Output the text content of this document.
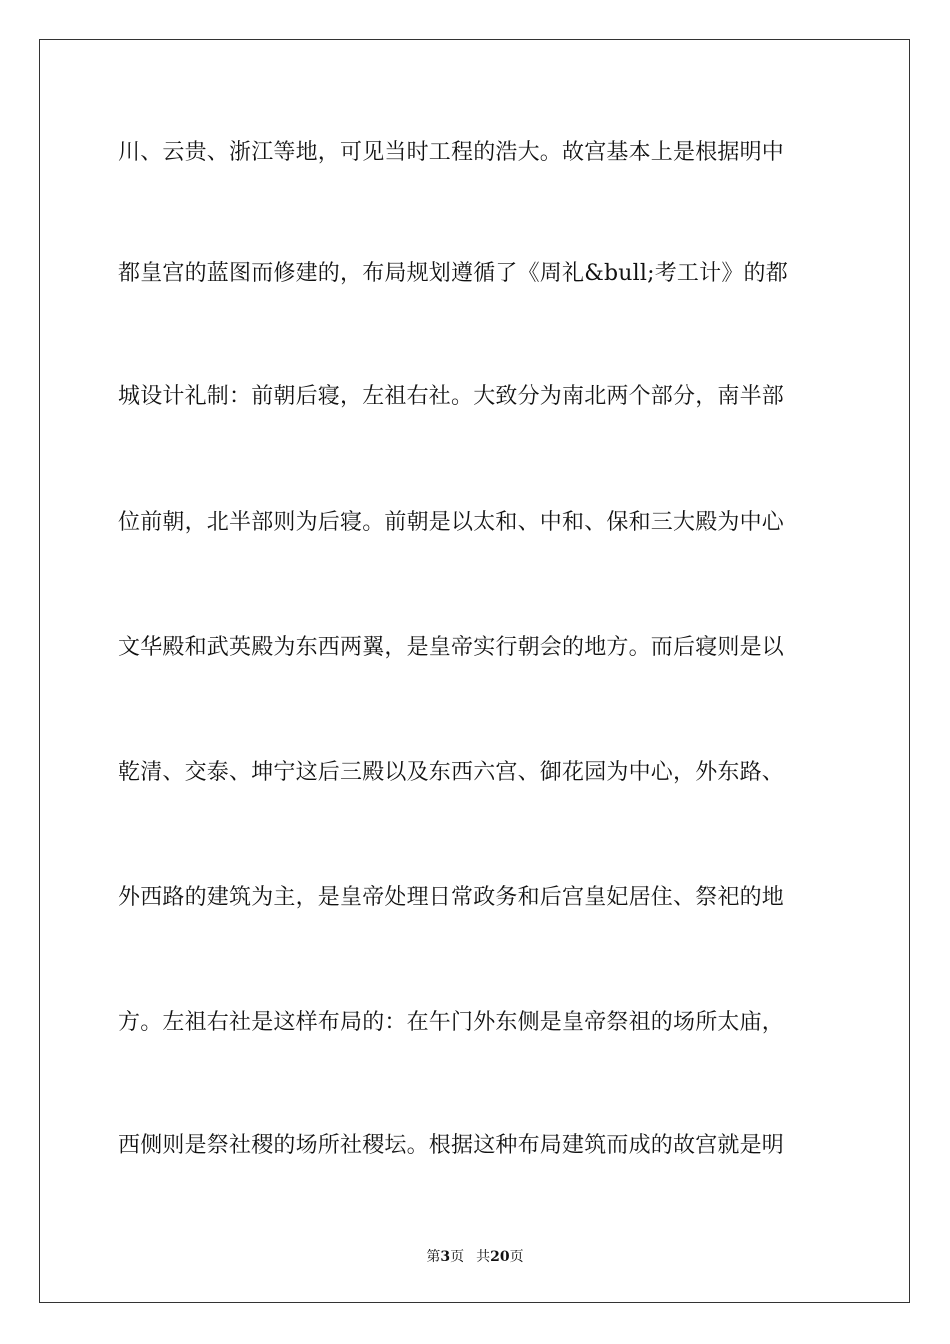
川、云贵、浙江等地，可见当时工程的浩大。故宫基本上是根据明中
都皇宫的蓝图而修建的，布局规划遵循了《周礼&bull;考工计》的都
城设计礼制：前朝后寝，左祖右社。大致分为南北两个部分，南半部
位前朝，北半部则为后寝。前朝是以太和、中和、保和三大殿为中心
文华殿和武英殿为东西两翼，是皇帝实行朝会的地方。而后寝则是以
乾清、交泰、坤宁这后三殿以及东西六宫、御花园为中心，外东路、
外西路的建筑为主，是皇帝处理日常政务和后宫皇妃居住、祭祀的地
方。左祖右社是这样布局的：在午门外东侧是皇帝祭祖的场所太庙，
西侧则是祭社稷的场所社稷坛。根据这种布局建筑而成的故宫就是明
第3页 共20页
